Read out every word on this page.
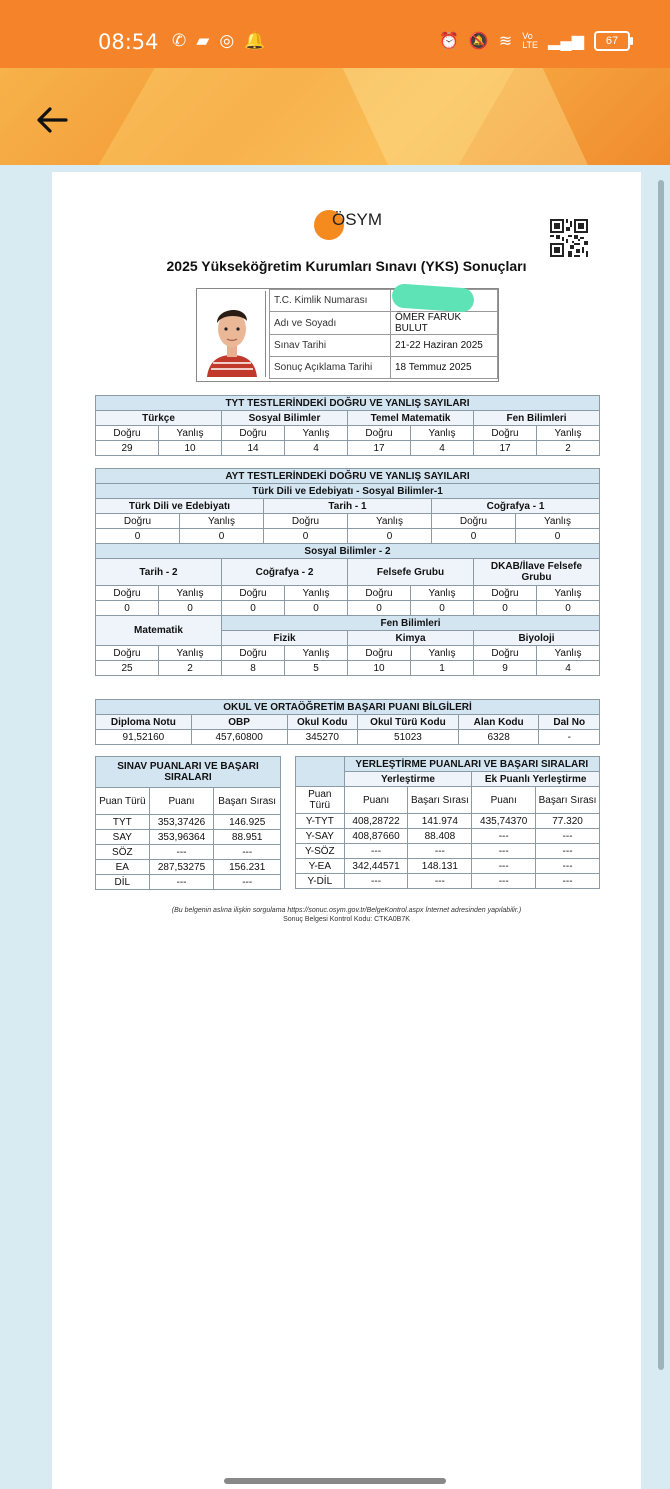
08:54 ✆ ▰ ◎ 🔔	⏰ 🔕 ≋ Vo
LTE ▂▄▆	67
ÖSYM
2025 Yükseköğretim Kurumları Sınavı (YKS) Sonuçları
T.C. Kimlik Numarası	
Adı ve Soyadı	ÖMER FARUK BULUT
Sınav Tarihi	21-22 Haziran 2025
Sonuç Açıklama Tarihi	18 Temmuz 2025
TYT TESTLERİNDEKİ DOĞRU VE YANLIŞ SAYILARI							
Türkçe		Sosyal Bilimler		Temel Matematik		Fen Bilimleri	
Doğru	Yanlış	Doğru	Yanlış	Doğru	Yanlış	Doğru	Yanlış
29	10	14	4	17	4	17	2
AYT TESTLERİNDEKİ DOĞRU VE YANLIŞ SAYILARI											
Türk Dili ve Edebiyatı - Sosyal Bilimler-1											
Türk Dili ve Edebiyatı				Tarih - 1				Coğrafya - 1			
Doğru		Yanlış		Doğru		Yanlış		Doğru		Yanlış	
0		0		0		0		0		0	
Sosyal Bilimler - 2											
Tarih - 2			Coğrafya - 2			Felsefe Grubu			DKAB/İlave Felsefe Grubu		
Doğru	Yanlış		Doğru		Yanlış	Doğru	Yanlış		Doğru		Yanlış
0	0		0		0	0	0		0		0
Matematik			Fen Bilimleri								
			Fizik			Kimya			Biyoloji		
Doğru	Yanlış		Doğru		Yanlış	Doğru	Yanlış		Doğru		Yanlış
25	2		8		5	10	1		9		4
OKUL VE ORTAÖĞRETİM BAŞARI PUANI BİLGİLERİ					
Diploma Notu	OBP	Okul Kodu	Okul Türü Kodu	Alan Kodu	Dal No
91,52160	457,60800	345270	51023	6328	-
SINAV PUANLARI VE BAŞARI SIRALARI		
Puan Türü	Puanı	Başarı Sırası
TYT	353,37426	146.925
SAY	353,96364	88.951
SÖZ	---	---
EA	287,53275	156.231
DİL	---	---
	YERLEŞTİRME PUANLARI VE BAŞARI SIRALARI			
	Yerleştirme		Ek Puanlı Yerleştirme	
Puan Türü	Puanı	Başarı Sırası	Puanı	Başarı Sırası
Y-TYT	408,28722	141.974	435,74370	77.320
Y-SAY	408,87660	88.408	---	---
Y-SÖZ	---	---	---	---
Y-EA	342,44571	148.131	---	---
Y-DİL	---	---	---	---
(Bu belgenin aslına ilişkin sorgulama https://sonuc.osym.gov.tr/BelgeKontrol.aspx İnternet adresinden yapılabilir.)
Sonuç Belgesi Kontrol Kodu: CTKA0B7K
